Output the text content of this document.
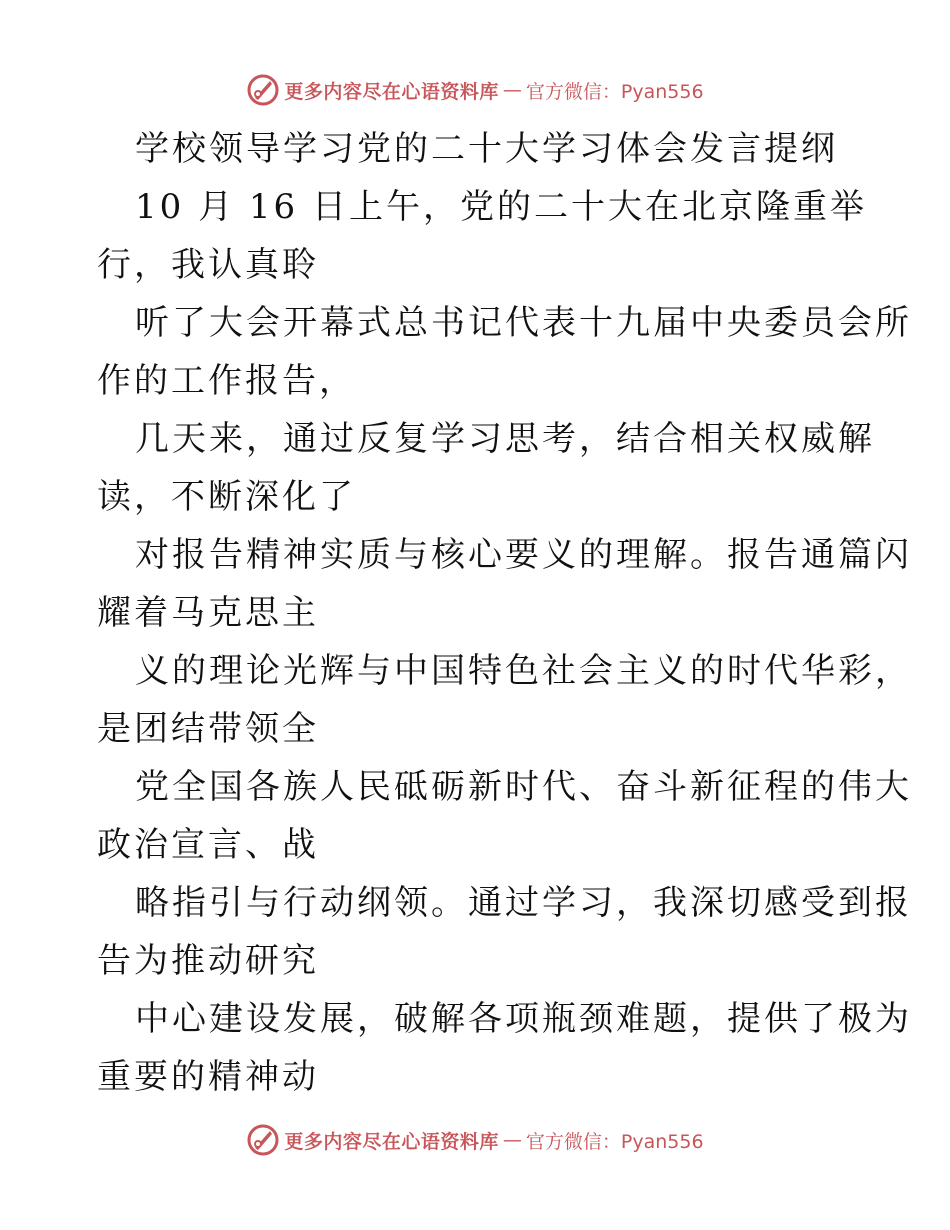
更多内容尽在心语资料库 — 官方微信：Pyan556
学校领导学习党的二十大学习体会发言提纲
10 月 16 日上午，党的二十大在北京隆重举
行，我认真聆
听了大会开幕式总书记代表十九届中央委员会所
作的工作报告，
几天来，通过反复学习思考，结合相关权威解
读，不断深化了
对报告精神实质与核心要义的理解。报告通篇闪
耀着马克思主
义的理论光辉与中国特色社会主义的时代华彩，
是团结带领全
党全国各族人民砥砺新时代、奋斗新征程的伟大
政治宣言、战
略指引与行动纲领。通过学习，我深切感受到报
告为推动研究
中心建设发展，破解各项瓶颈难题，提供了极为
重要的精神动
更多内容尽在心语资料库 — 官方微信：Pyan556
